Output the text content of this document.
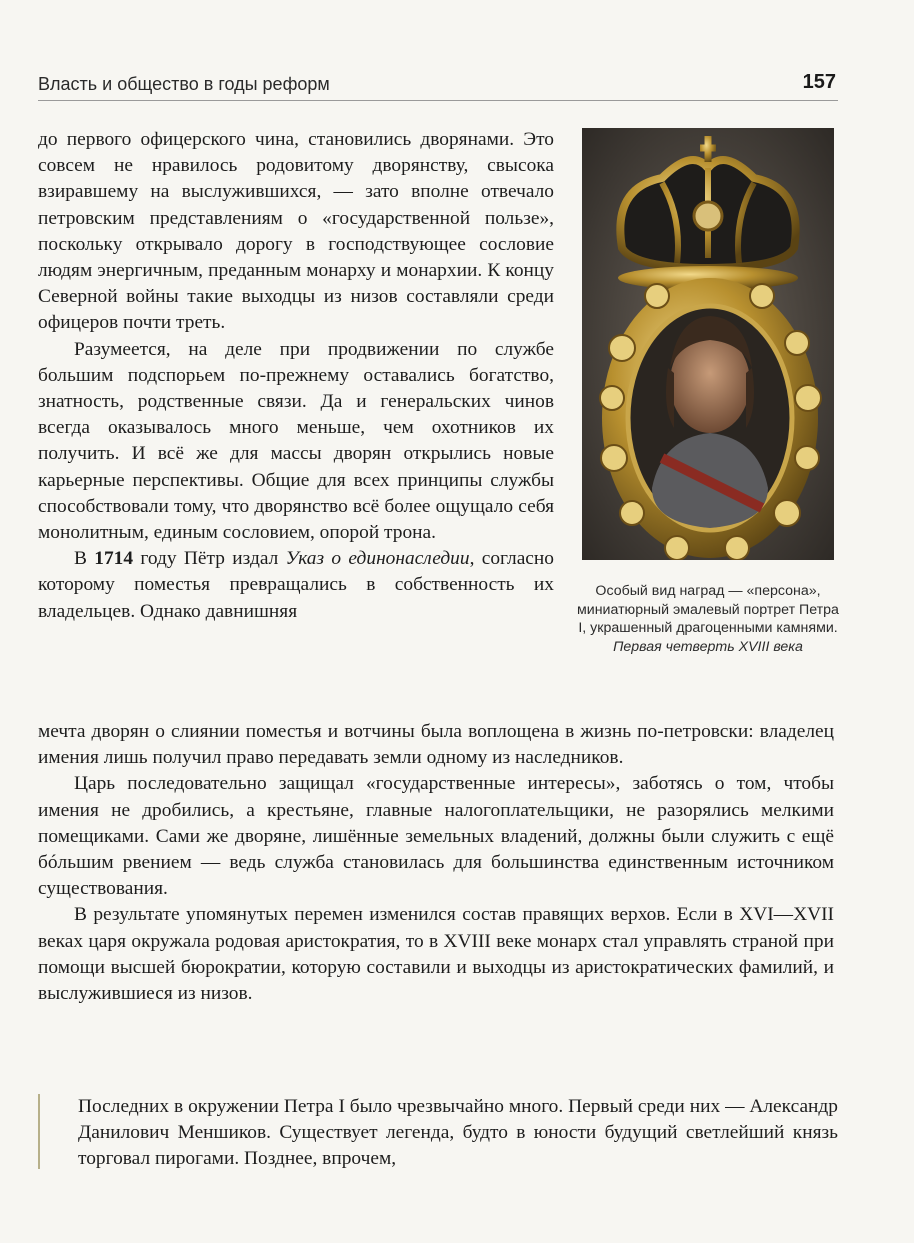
Власть и общество в годы реформ	157

до первого офицерского чина, становились дворянами. Это совсем не нравилось родовитому дворянству, свысока взиравшему на выслужившихся, — зато вполне отвечало петровским представлениям о «государственной пользе», поскольку открывало дорогу в господствующее сословие людям энергичным, преданным монарху и монархии. К концу Северной войны такие выходцы из низов составляли среди офицеров почти треть.

Разумеется, на деле при продвижении по службе большим подспорьем по-прежнему оставались богатство, знатность, родственные связи. Да и генеральских чинов всегда оказывалось много меньше, чем охотников их получить. И всё же для массы дворян открылись новые карьерные перспективы. Общие для всех принципы службы способствовали тому, что дворянство всё более ощущало себя монолитным, единым сословием, опорой трона.

В 1714 году Пётр издал Указ о единонаследии, согласно которому поместья превращались в собственность их владельцев. Однако давнишняя

Особый вид наград — «персона», миниатюрный эмалевый портрет Петра I, украшенный драгоценными камнями.
Первая четверть XVIII века

мечта дворян о слиянии поместья и вотчины была воплощена в жизнь по-петровски: владелец имения лишь получил право передавать земли одному из наследников.

Царь последовательно защищал «государственные интересы», заботясь о том, чтобы имения не дробились, а крестьяне, главные налогоплательщики, не разорялись мелкими помещиками. Сами же дворяне, лишённые земельных владений, должны были служить с ещё бóльшим рвением — ведь служба становилась для большинства единственным источником существования.

В результате упомянутых перемен изменился состав правящих верхов. Если в XVI—XVII веках царя окружала родовая аристократия, то в XVIII веке монарх стал управлять страной при помощи высшей бюрократии, которую составили и выходцы из аристократических фамилий, и выслужившиеся из низов.

Последних в окружении Петра I было чрезвычайно много. Первый среди них — Александр Данилович Меншиков. Существует легенда, будто в юности будущий светлейший князь торговал пирогами. Позднее, впрочем,
